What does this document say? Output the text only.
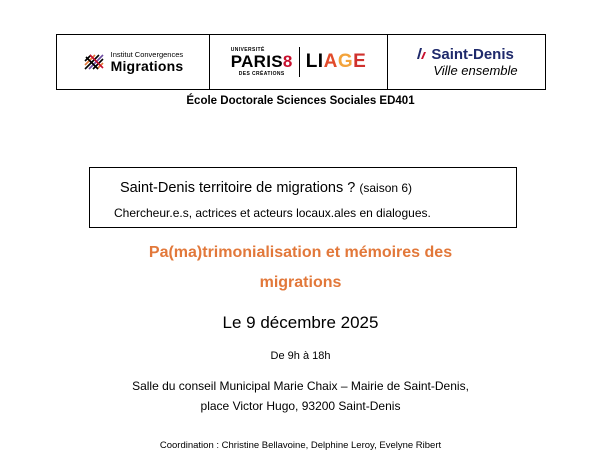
Institut Convergences
Migrations
UNIVERSITÉ
PARIS8
DES CRÉATIONS
LIAGE	Saint-Denis
Ville ensemble
École Doctorale Sciences Sociales ED401
Saint-Denis territoire de migrations ? (saison 6)
Chercheur.e.s, actrices et acteurs locaux.ales en dialogues.
Pa(ma)trimonialisation et mémoires des
migrations
Le 9 décembre 2025
De 9h à 18h
Salle du conseil Municipal Marie Chaix – Mairie de Saint-Denis,
place Victor Hugo, 93200 Saint-Denis
Coordination : Christine Bellavoine, Delphine Leroy, Evelyne Ribert
